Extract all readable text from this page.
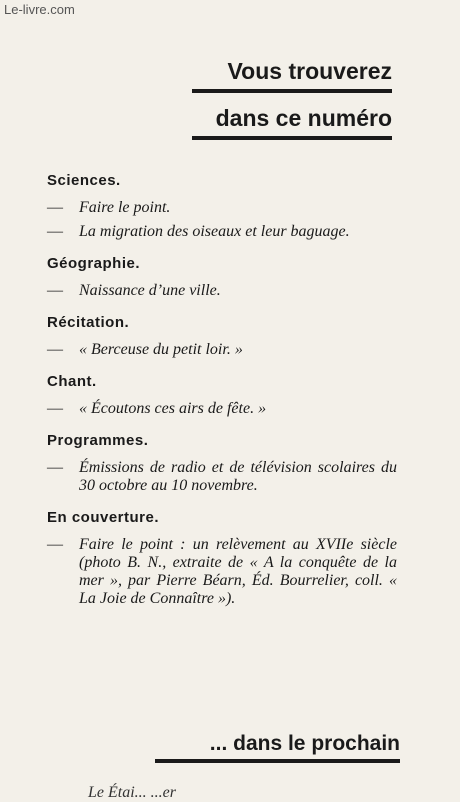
Le-livre.com
Vous trouverez
dans ce numéro
Sciences.
— Faire le point.
— La migration des oiseaux et leur baguage.
Géographie.
— Naissance d’une ville.
Récitation.
— « Berceuse du petit loir. »
Chant.
— « Écoutons ces airs de fête. »
Programmes.
— Émissions de radio et de télévision scolaires du 30 octobre au 10 novembre.
En couverture.
— Faire le point : un relèvement au XVIIe siècle (photo B. N., extraite de « A la conquête de la mer », par Pierre Béarn, Éd. Bourrelier, coll. « La Joie de Connaître »).
... dans le prochain
Le Étai... ...er
